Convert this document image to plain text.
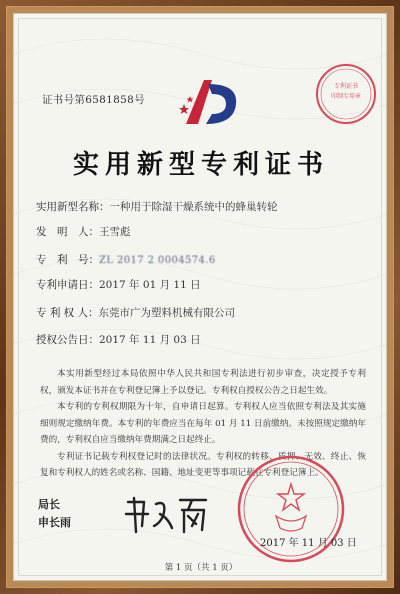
证书号第6581858号
专利证书
印制专用章
实用新型专利证书
实用新型名称：一种用于除湿干燥系统中的蜂巢转轮
发　明　人：王雪彪
专　利　号：ZL 2017 2 0004574.6
专利申请日：2017 年 01 月 11 日
专 利 权 人：东莞市广为塑料机械有限公司
授权公告日：2017 年 11 月 03 日

本实用新型经过本局依照中华人民共和国专利法进行初步审查，决定授予专利权，颁发本证书并在专利登记簿上予以登记。专利权自授权公告之日起生效。

本专利的专利权期限为十年，自申请日起算。专利权人应当依照专利法及其实施细则规定缴纳年费。本专利的年费应当在每年 01 月 11 日前缴纳。未按照规定缴纳年费的，专利权自应当缴纳年费期满之日起终止。

专利证书记载专利权登记时的法律状况。专利权的转移、质押、无效、终止、恢复和专利权人的姓名或名称、国籍、地址变更等事项记载在专利登记簿上。

局长
申长雨
2017 年 11 月 03 日
第 1 页（共 1 页）
